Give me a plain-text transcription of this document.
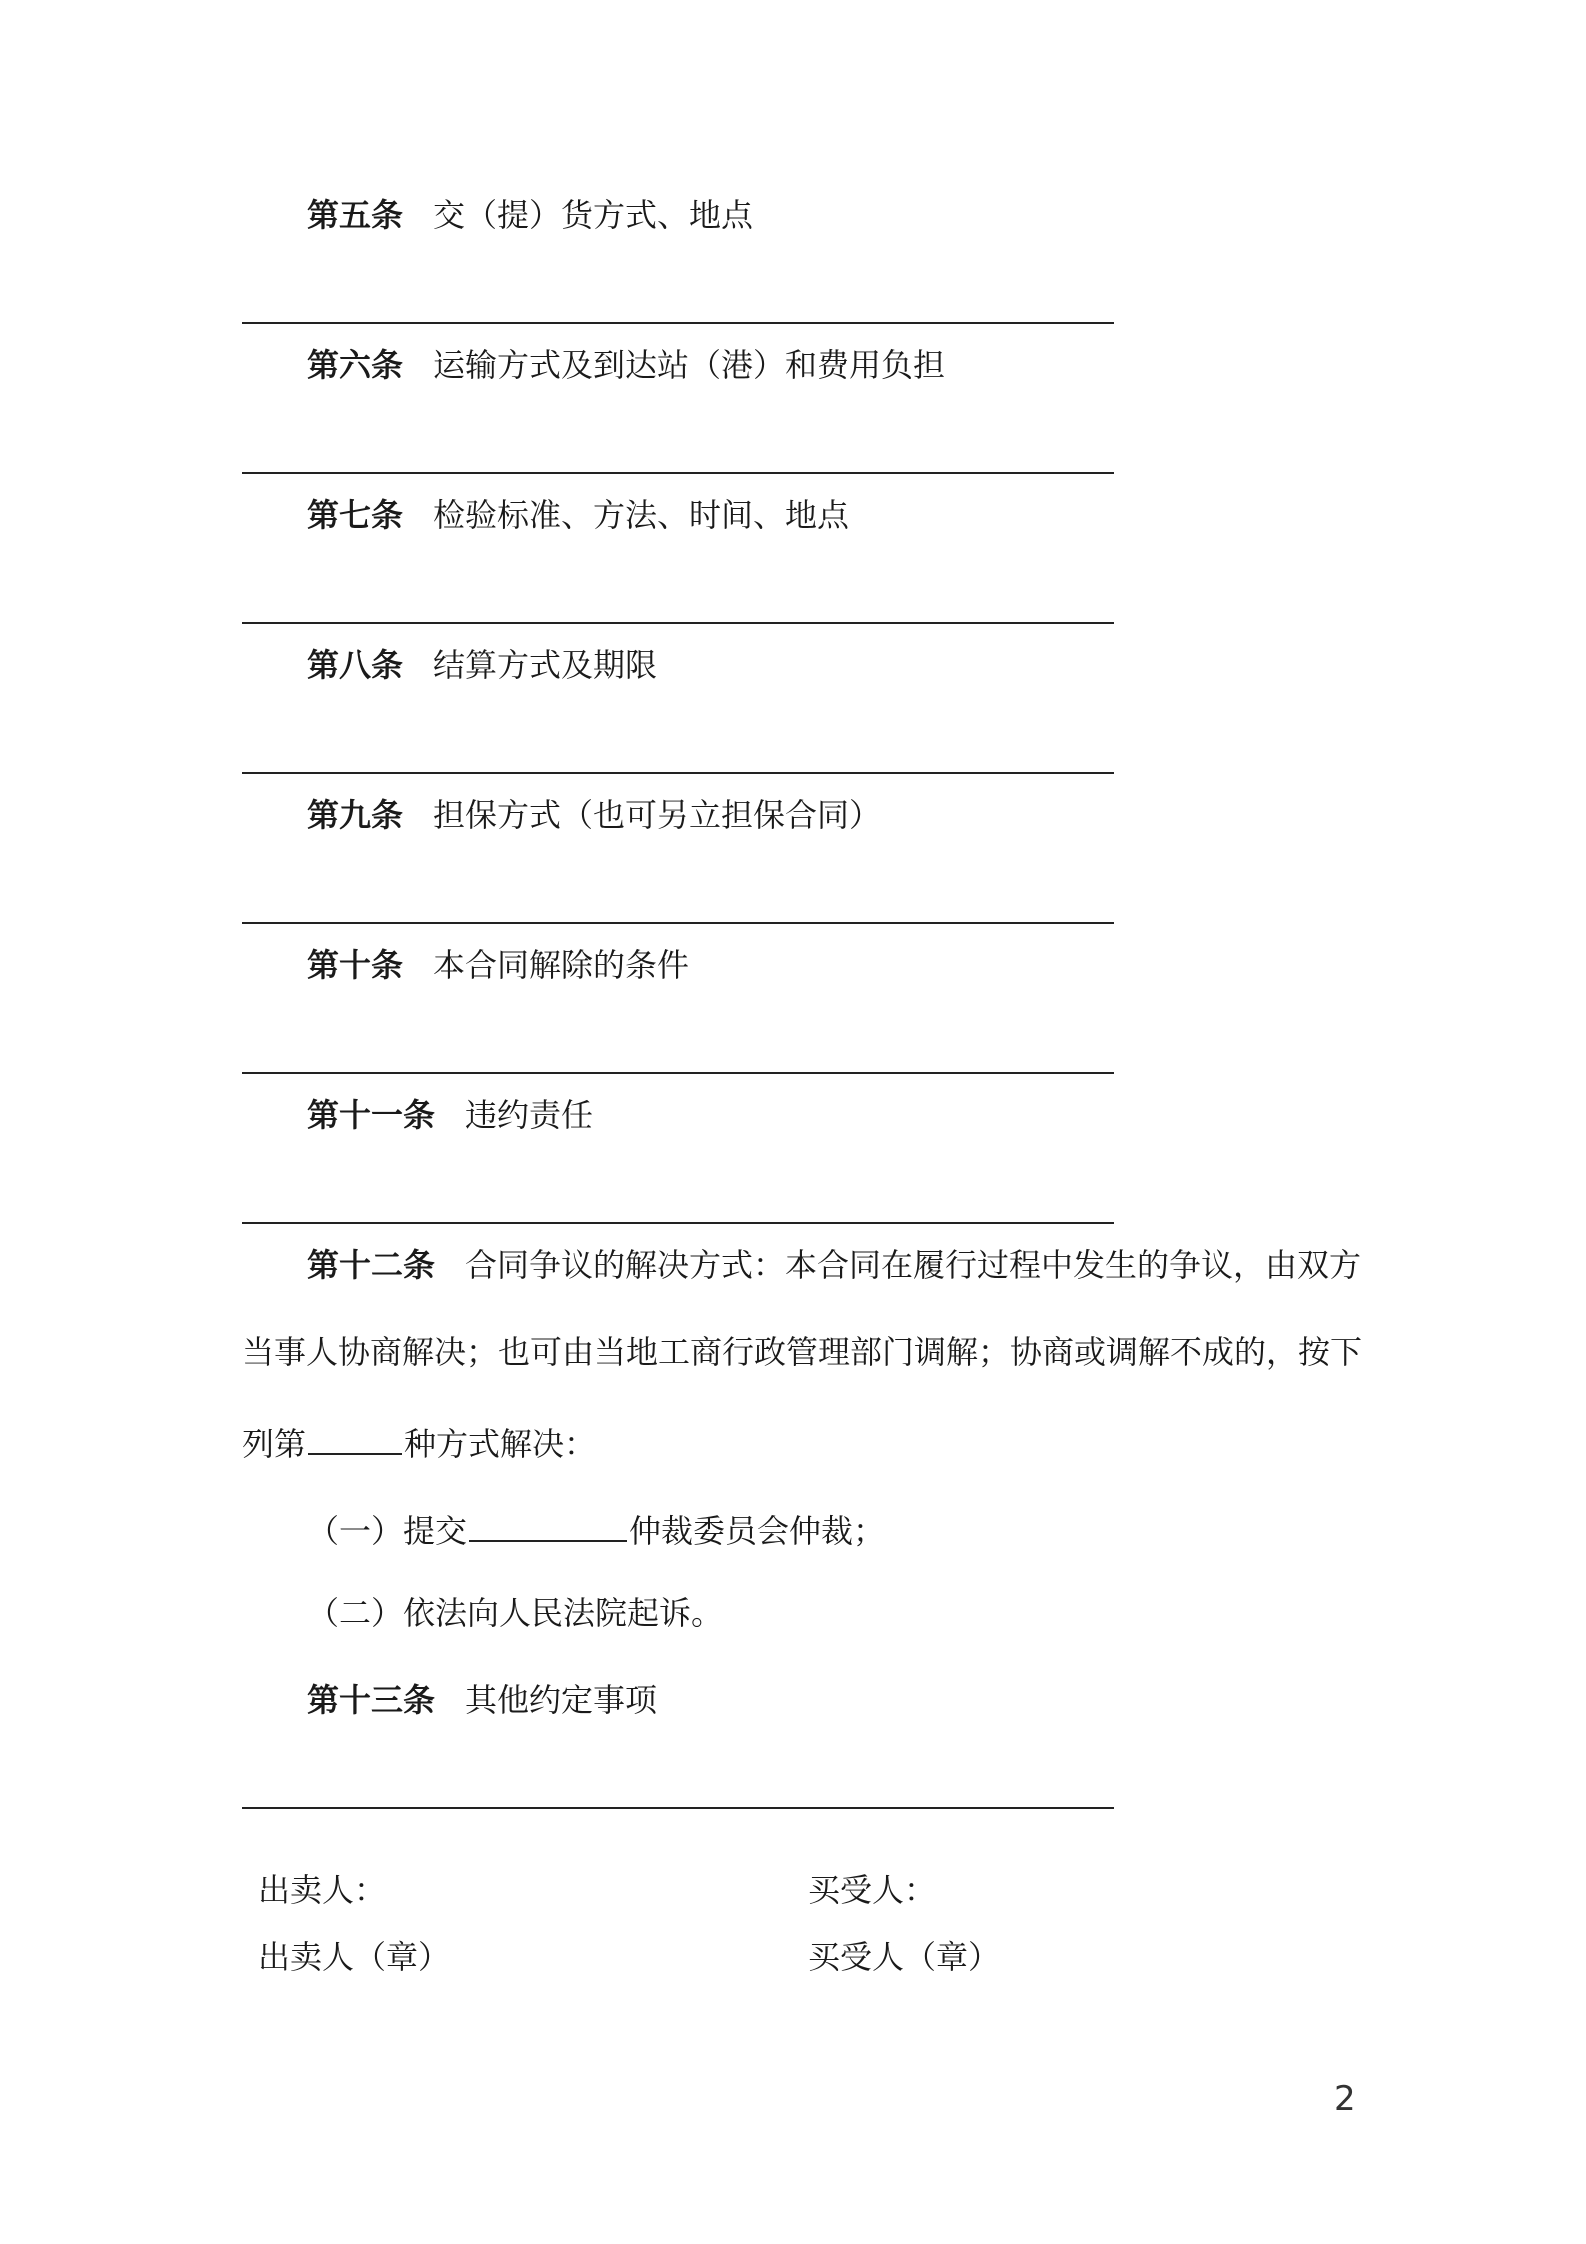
第五条 交（提）货方式、地点
第六条 运输方式及到达站（港）和费用负担
第七条 检验标准、方法、时间、地点
第八条 结算方式及期限
第九条 担保方式（也可另立担保合同）
第十条 本合同解除的条件
第十一条 违约责任
第十二条 合同争议的解决方式：本合同在履行过程中发生的争议，由双方
当事人协商解决；也可由当地工商行政管理部门调解；协商或调解不成的，按下
列第	种方式解决：
（一）提交	仲裁委员会仲裁；
（二）依法向人民法院起诉。
第十三条 其他约定事项
出卖人：	买受人：
出卖人（章）	买受人（章）
2
